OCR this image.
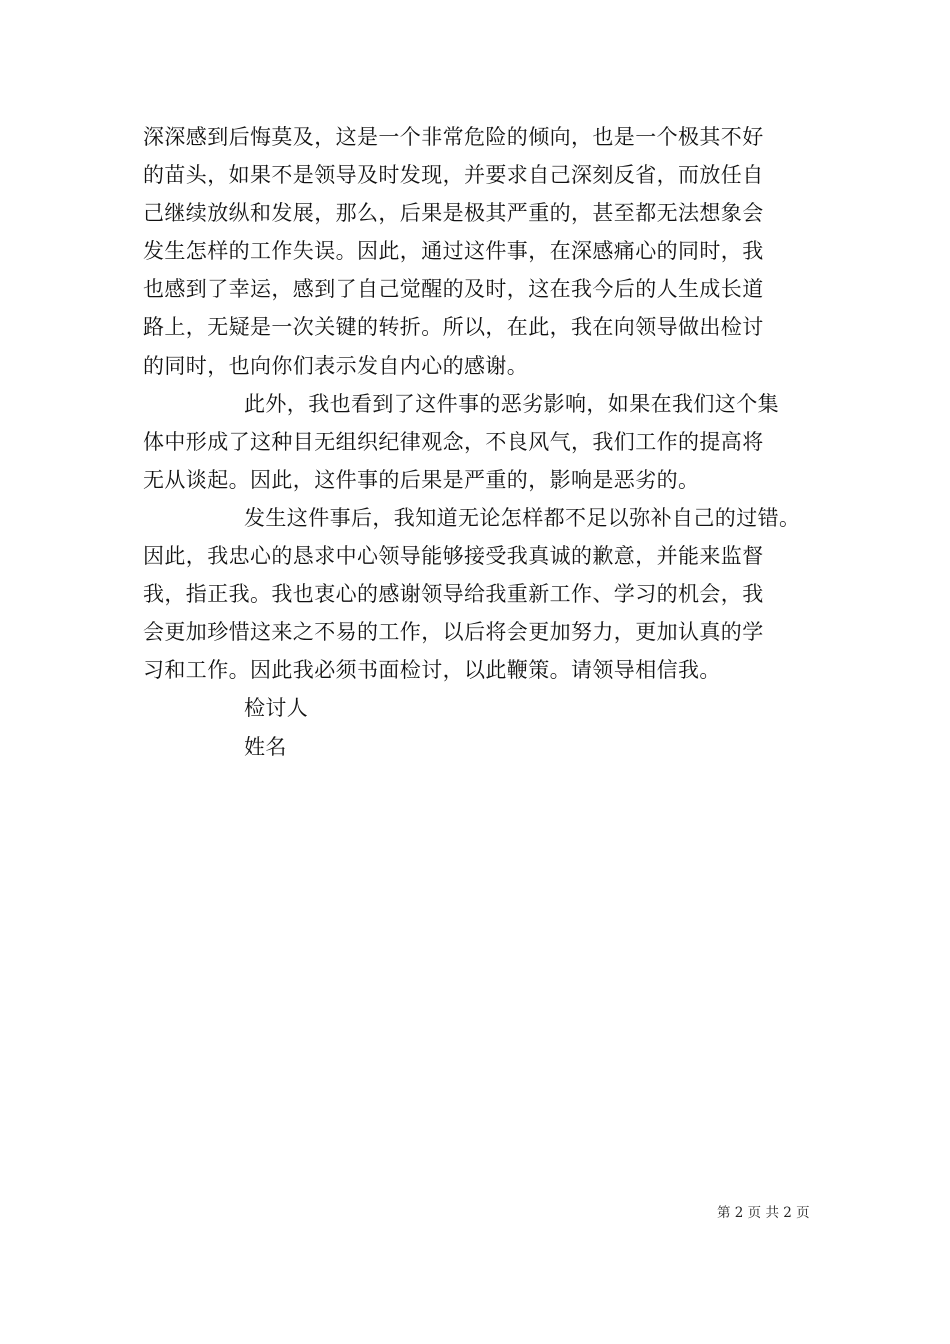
深深感到后悔莫及，这是一个非常危险的倾向，也是一个极其不好
的苗头，如果不是领导及时发现，并要求自己深刻反省，而放任自
己继续放纵和发展，那么，后果是极其严重的，甚至都无法想象会
发生怎样的工作失误。因此，通过这件事，在深感痛心的同时，我
也感到了幸运，感到了自己觉醒的及时，这在我今后的人生成长道
路上，无疑是一次关键的转折。所以，在此，我在向领导做出检讨
的同时，也向你们表示发自内心的感谢。
此外，我也看到了这件事的恶劣影响，如果在我们这个集
体中形成了这种目无组织纪律观念，不良风气，我们工作的提高将
无从谈起。因此，这件事的后果是严重的，影响是恶劣的。
发生这件事后，我知道无论怎样都不足以弥补自己的过错。
因此，我忠心的恳求中心领导能够接受我真诚的歉意，并能来监督
我，指正我。我也衷心的感谢领导给我重新工作、学习的机会，我
会更加珍惜这来之不易的工作，以后将会更加努力，更加认真的学
习和工作。因此我必须书面检讨，以此鞭策。请领导相信我。
检讨人
姓名
第 2 页 共 2 页
